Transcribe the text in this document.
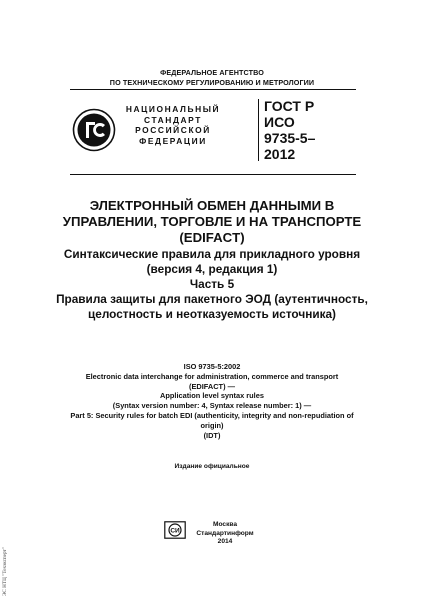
ФЕДЕРАЛЬНОЕ АГЕНТСТВО
ПО ТЕХНИЧЕСКОМУ РЕГУЛИРОВАНИЮ И МЕТРОЛОГИИ
НАЦИОНАЛЬНЫЙ
СТАНДАРТ
РОССИЙСКОЙ
ФЕДЕРАЦИИ
ГОСТ Р
ИСО
9735-5–
2012
ЭЛЕКТРОННЫЙ ОБМЕН ДАННЫМИ В
УПРАВЛЕНИИ, ТОРГОВЛЕ И НА ТРАНСПОРТЕ
(EDIFACT)
Синтаксические правила для прикладного уровня
(версия 4, редакция 1)
Часть 5
Правила защиты для пакетного ЭОД (аутентичность,
целостность и неотказуемость источника)
ISO 9735-5:2002
Electronic data interchange for administration, commerce and transport
(EDIFACT) —
Application level syntax rules
(Syntax version number: 4, Syntax release number: 1) —
Part 5: Security rules for batch EDI (authenticity, integrity and non-repudiation of
origin)
(IDT)
Издание официальное
СИ
Москва
Стандартинформ
2014
ЭС НТЦ "Техэксперт"
